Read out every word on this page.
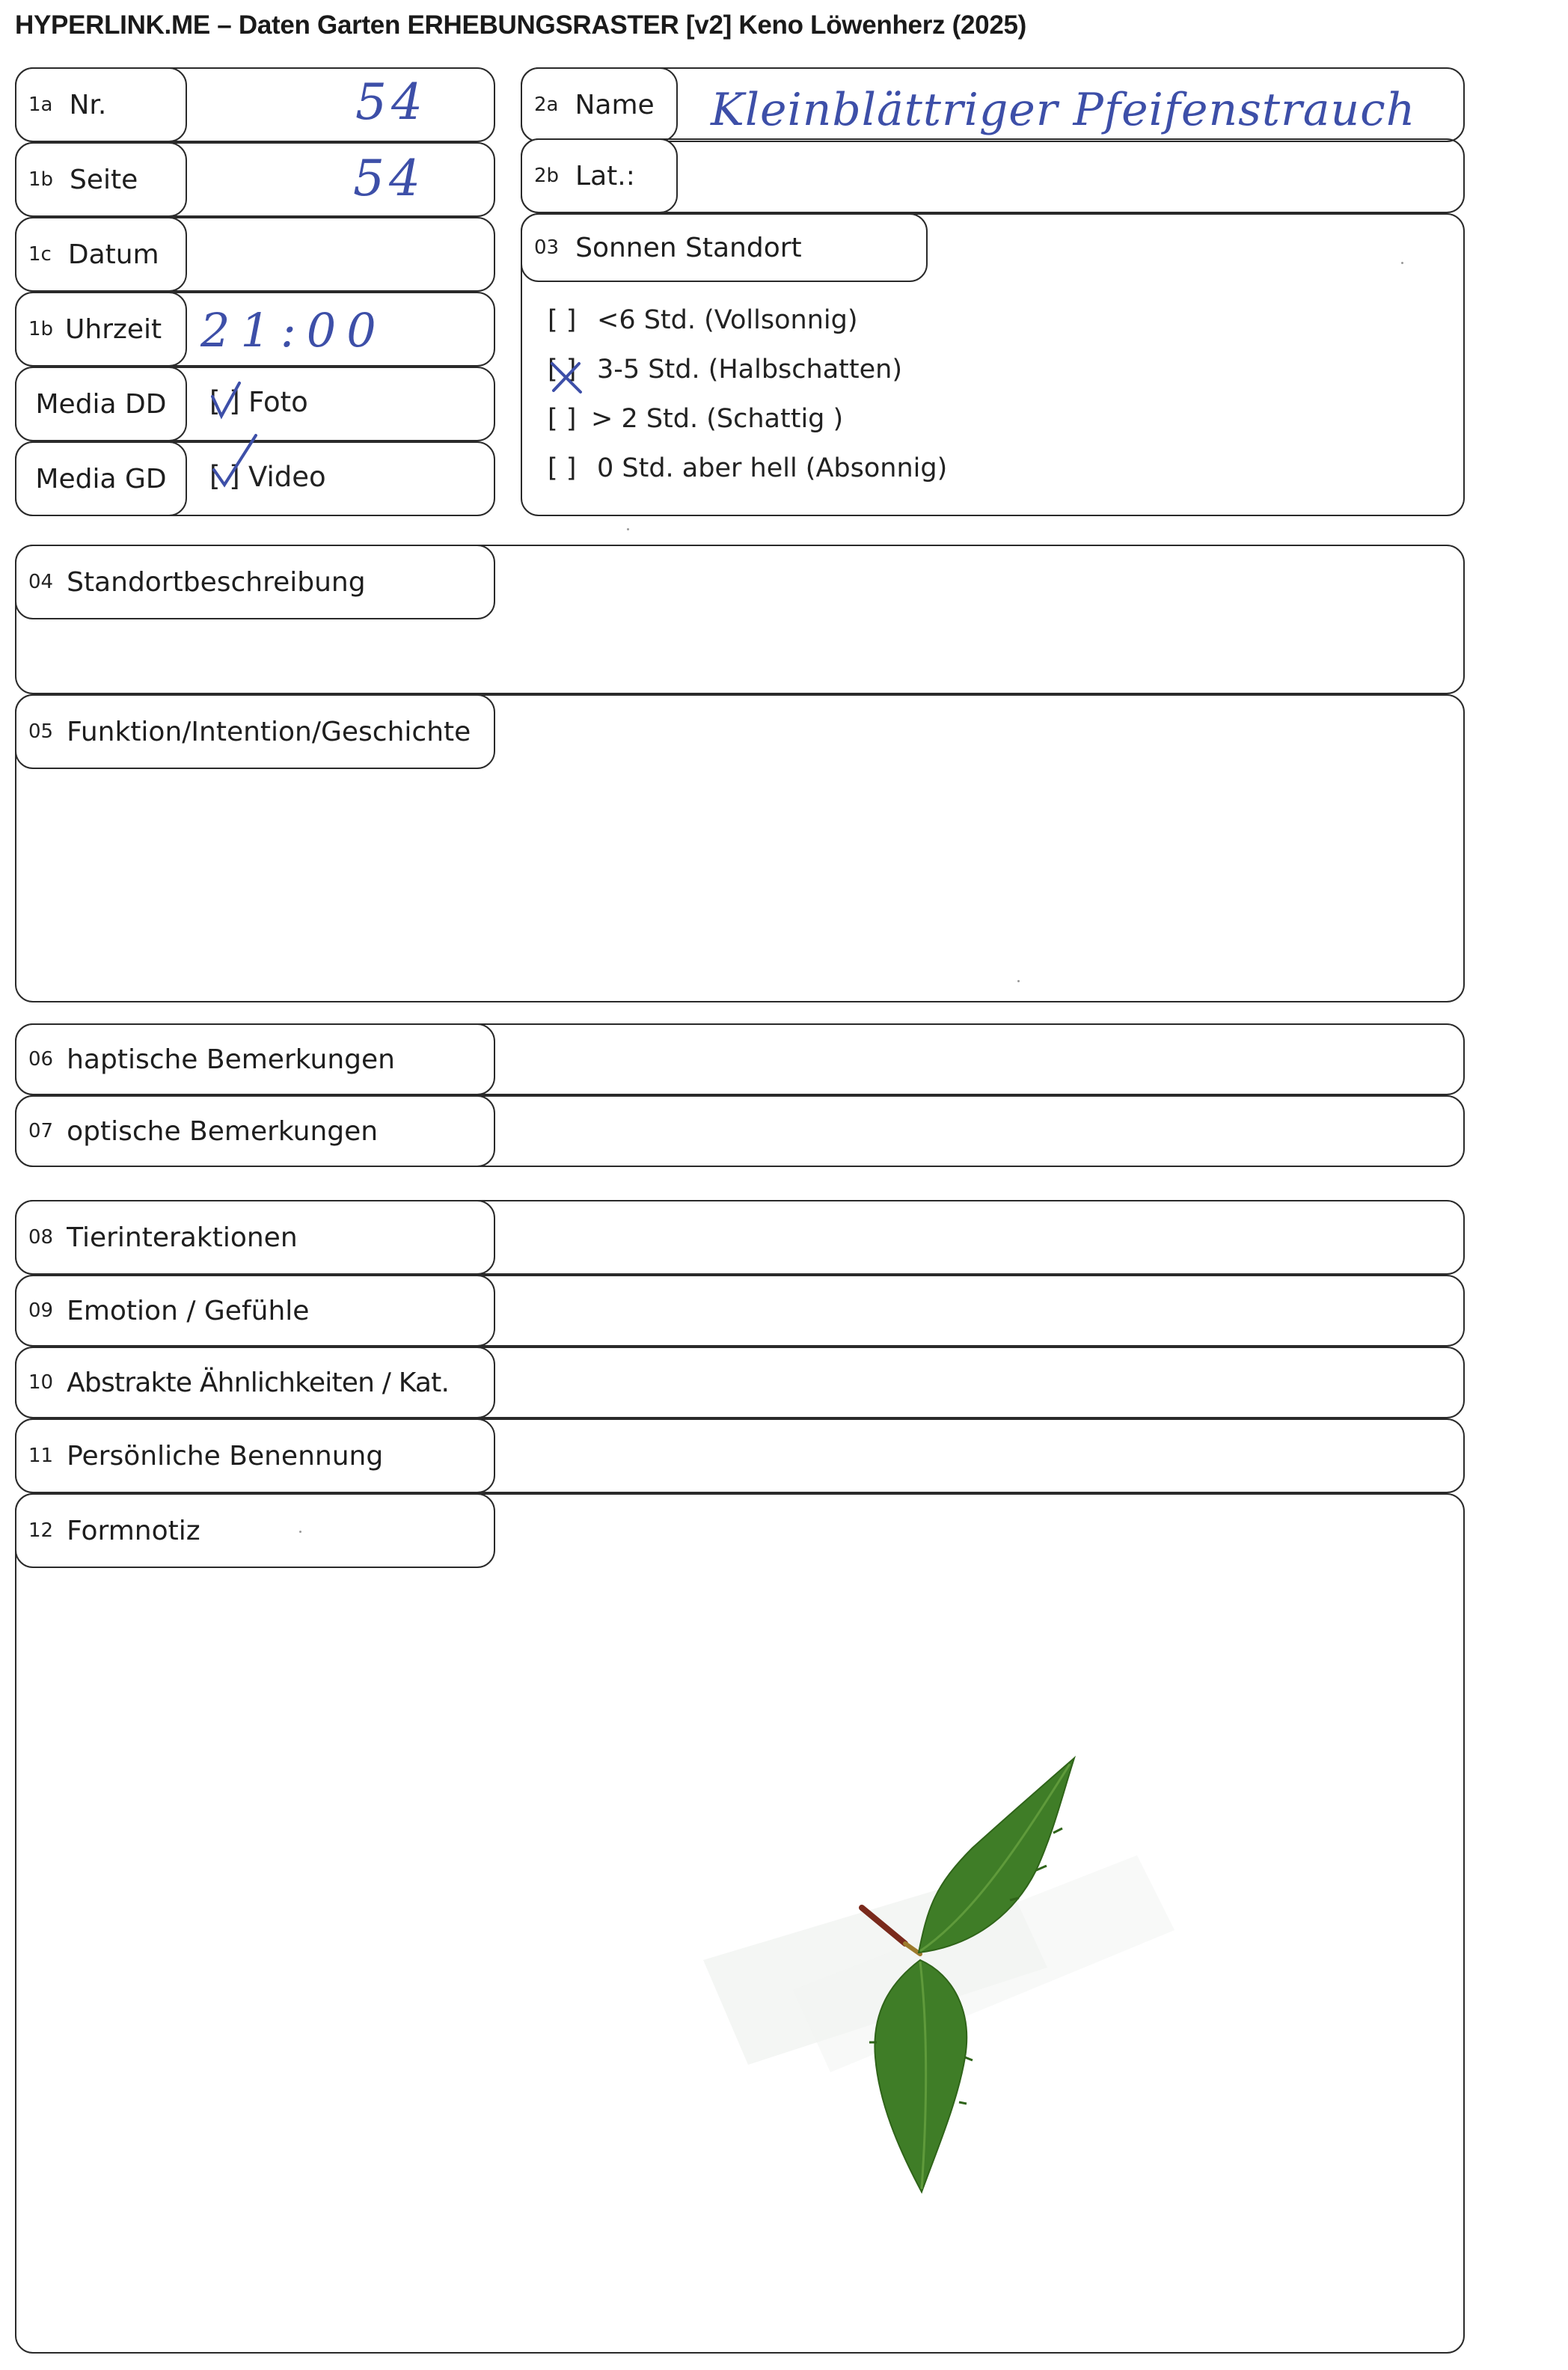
HYPERLINK.ME – Daten Garten ERHEBUNGSRASTER [v2] Keno Löwenherz (2025)
1a Nr.	54
1b Seite	54
1c Datum
1b Uhrzeit 21:00
Media DD	[ ] Foto
Media GD	[ ] Video
2a Name Kleinblättriger Pfeifenstrauch
2b Lat.:
03 Sonnen Standort
[ ] <6 Std. (Vollsonnig)
[ ] 3-5 Std. (Halbschatten)
[ ] > 2 Std. (Schattig )
[ ] 0 Std. aber hell (Absonnig)
04 Standortbeschreibung
05 Funktion/Intention/Geschichte
06 haptische Bemerkungen
07 optische Bemerkungen
08 Tierinteraktionen
09 Emotion / Gefühle
10 Abstrakte Ähnlichkeiten / Kat.
11 Persönliche Benennung
12 Formnotiz
